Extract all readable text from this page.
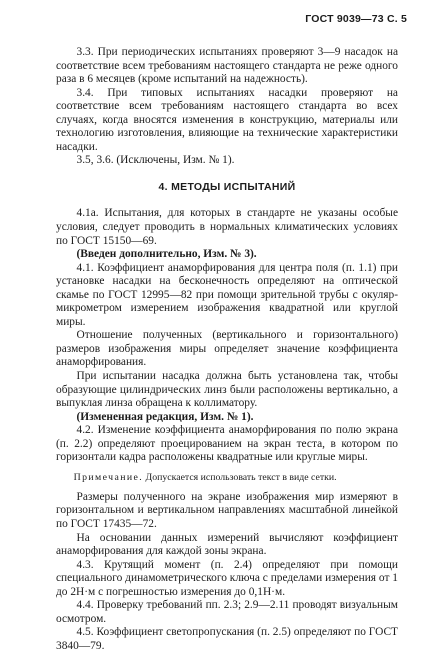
ГОСТ 9039—73 С. 5

3.3. При периодических испытаниях проверяют 3—9 насадок на соответствие всем требованиям настоящего стандарта не реже одного раза в 6 месяцев (кроме испытаний на надежность).

3.4. При типовых испытаниях насадки проверяют на соответствие всем требованиям настоящего стандарта во всех случаях, когда вносятся изменения в конструкцию, материалы или технологию изготовления, влияющие на технические характеристики насадки.

3.5, 3.6. (Исключены, Изм. № 1).

4. МЕТОДЫ ИСПЫТАНИЙ

4.1а. Испытания, для которых в стандарте не указаны особые условия, следует проводить в нормальных климатических условиях по ГОСТ 15150—69.

(Введен дополнительно, Изм. № 3).

4.1. Коэффициент анаморфирования для центра поля (п. 1.1) при установке насадки на бесконечность определяют на оптической скамье по ГОСТ 12995—82 при помощи зрительной трубы с окуляр-микрометром измерением изображения квадратной или круглой миры.

Отношение полученных (вертикального и горизонтального) размеров изображения миры определяет значение коэффициента анаморфирования.

При испытании насадка должна быть установлена так, чтобы образующие цилиндрических линз были расположены вертикально, а выпуклая линза обращена к коллиматору.

(Измененная редакция, Изм. № 1).

4.2. Изменение коэффициента анаморфирования по полю экрана (п. 2.2) определяют проецированием на экран теста, в котором по горизонтали кадра расположены квадратные или круглые миры.

Примечание. Допускается использовать текст в виде сетки.

Размеры полученного на экране изображения мир измеряют в горизонтальном и вертикальном направлениях масштабной линейкой по ГОСТ 17435—72.

На основании данных измерений вычисляют коэффициент анаморфирования для каждой зоны экрана.

4.3. Крутящий момент (п. 2.4) определяют при помощи специального динамометрического ключа с пределами измерения от 1 до 2Н·м с погрешностью измерения до 0,1Н·м.

4.4. Проверку требований пп. 2.3; 2.9—2.11 проводят визуальным осмотром.

4.5. Коэффициент светопропускания (п. 2.5) определяют по ГОСТ 3840—79.
